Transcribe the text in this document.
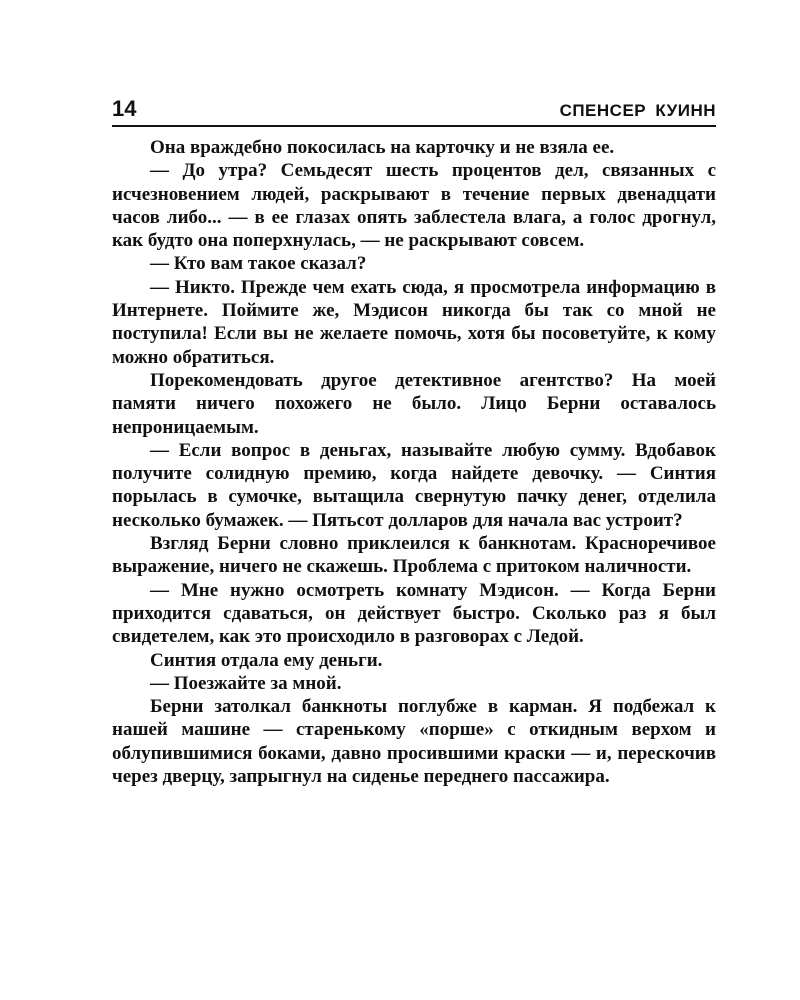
14	СПЕНСЕР КУИНН

Она враждебно покосилась на карточку и не взяла ее.

— До утра? Семьдесят шесть процентов дел, связанных с исчезновением людей, раскрывают в течение первых двенадцати часов либо... — в ее глазах опять заблестела влага, а голос дрогнул, как будто она поперхнулась, — не раскрывают совсем.

— Кто вам такое сказал?

— Никто. Прежде чем ехать сюда, я просмотрела информацию в Интернете. Поймите же, Мэдисон никогда бы так со мной не поступила! Если вы не желаете помочь, хотя бы посоветуйте, к кому можно обратиться.

Порекомендовать другое детективное агентство? На моей памяти ничего похожего не было. Лицо Берни оставалось непроницаемым.

— Если вопрос в деньгах, называйте любую сумму. Вдобавок получите солидную премию, когда найдете девочку. — Синтия порылась в сумочке, вытащила свернутую пачку денег, отделила несколько бумажек. — Пятьсот долларов для начала вас устроит?

Взгляд Берни словно приклеился к банкнотам. Красноречивое выражение, ничего не скажешь. Проблема с притоком наличности.

— Мне нужно осмотреть комнату Мэдисон. — Когда Берни приходится сдаваться, он действует быстро. Сколько раз я был свидетелем, как это происходило в разговорах с Ледой.

Синтия отдала ему деньги.

— Поезжайте за мной.

Берни затолкал банкноты поглубже в карман. Я подбежал к нашей машине — старенькому «порше» с откидным верхом и облупившимися боками, давно просившими краски — и, перескочив через дверцу, запрыгнул на сиденье переднего пассажира.
